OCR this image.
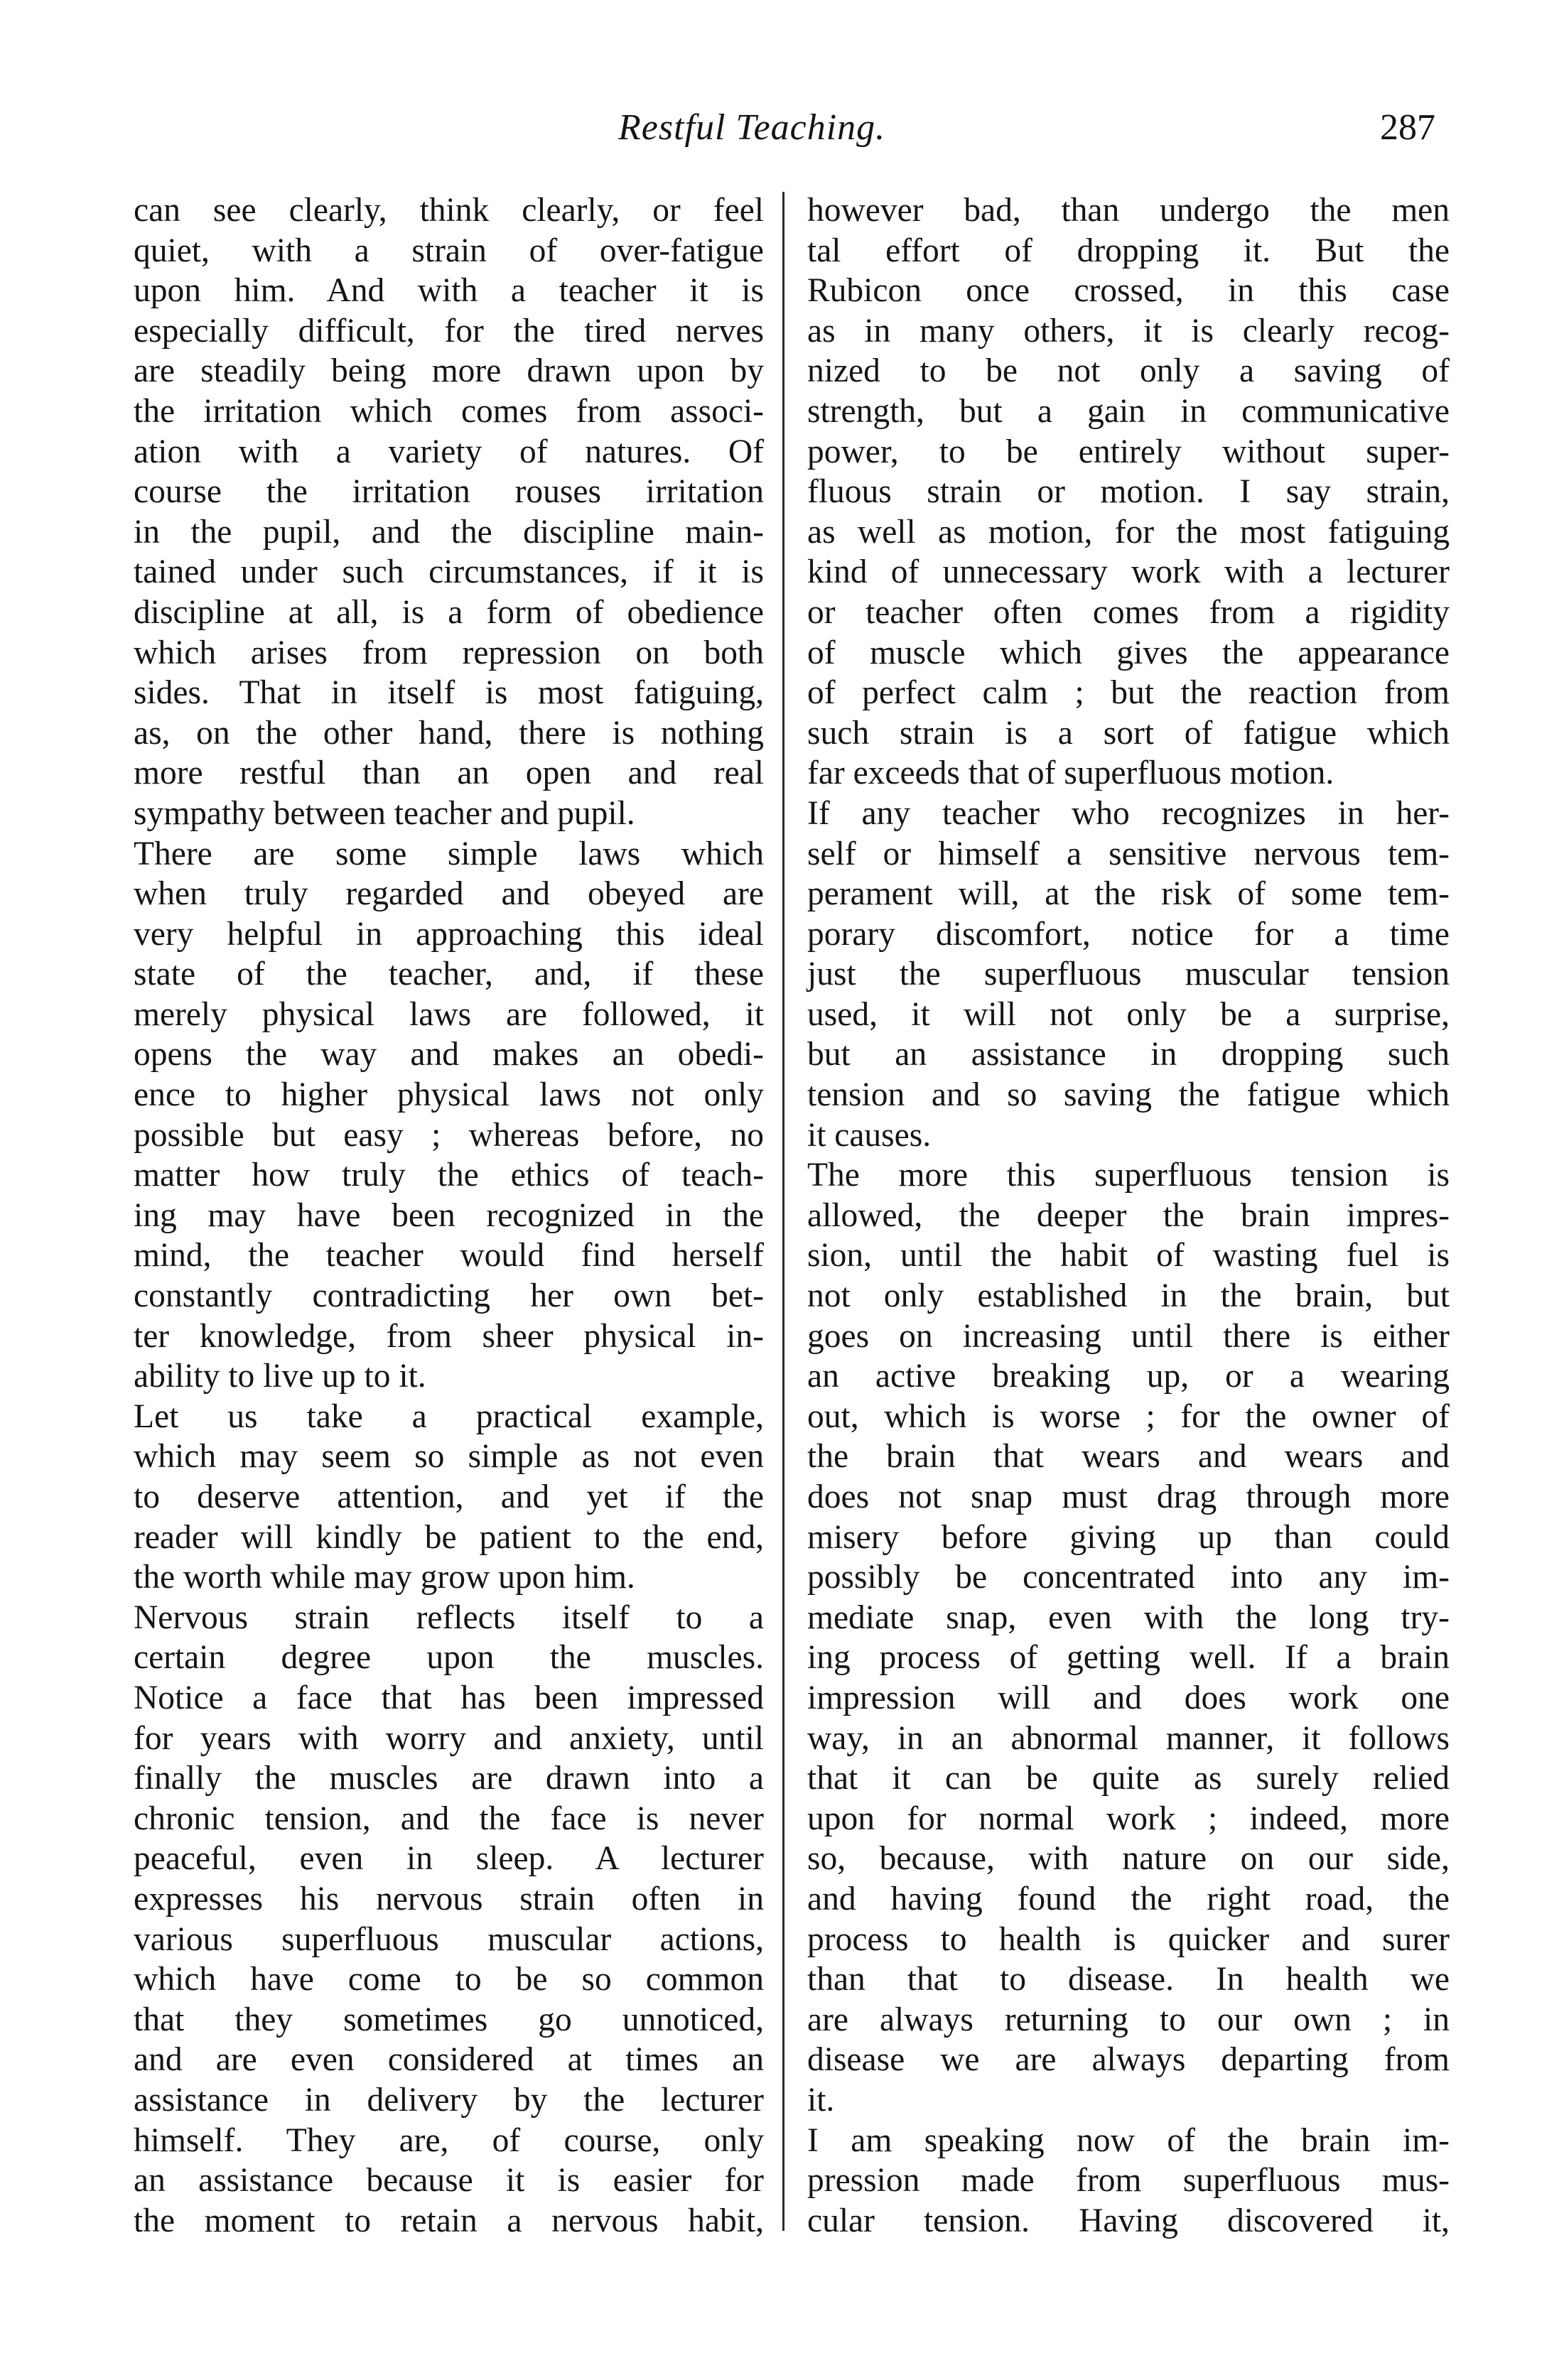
Restful Teaching.	287
can see clearly, think clearly, or feel
quiet, with a strain of over-fatigue
upon him. And with a teacher it is
especially difficult, for the tired nerves
are steadily being more drawn upon by
the irritation which comes from associ-
ation with a variety of natures. Of
course the irritation rouses irritation
in the pupil, and the discipline main-
tained under such circumstances, if it is
discipline at all, is a form of obedience
which arises from repression on both
sides. That in itself is most fatiguing,
as, on the other hand, there is nothing
more restful than an open and real
sympathy between teacher and pupil.
There are some simple laws which
when truly regarded and obeyed are
very helpful in approaching this ideal
state of the teacher, and, if these
merely physical laws are followed, it
opens the way and makes an obedi-
ence to higher physical laws not only
possible but easy ; whereas before, no
matter how truly the ethics of teach-
ing may have been recognized in the
mind, the teacher would find herself
constantly contradicting her own bet-
ter knowledge, from sheer physical in-
ability to live up to it.
Let us take a practical example,
which may seem so simple as not even
to deserve attention, and yet if the
reader will kindly be patient to the end,
the worth while may grow upon him.
Nervous strain reflects itself to a
certain degree upon the muscles.
Notice a face that has been impressed
for years with worry and anxiety, until
finally the muscles are drawn into a
chronic tension, and the face is never
peaceful, even in sleep. A lecturer
expresses his nervous strain often in
various superfluous muscular actions,
which have come to be so common
that they sometimes go unnoticed,
and are even considered at times an
assistance in delivery by the lecturer
himself. They are, of course, only
an assistance because it is easier for
the moment to retain a nervous habit,
however bad, than undergo the men
tal effort of dropping it. But the
Rubicon once crossed, in this case
as in many others, it is clearly recog-
nized to be not only a saving of
strength, but a gain in communicative
power, to be entirely without super-
fluous strain or motion. I say strain,
as well as motion, for the most fatiguing
kind of unnecessary work with a lecturer
or teacher often comes from a rigidity
of muscle which gives the appearance
of perfect calm ; but the reaction from
such strain is a sort of fatigue which
far exceeds that of superfluous motion.
If any teacher who recognizes in her-
self or himself a sensitive nervous tem-
perament will, at the risk of some tem-
porary discomfort, notice for a time
just the superfluous muscular tension
used, it will not only be a surprise,
but an assistance in dropping such
tension and so saving the fatigue which
it causes.
The more this superfluous tension is
allowed, the deeper the brain impres-
sion, until the habit of wasting fuel is
not only established in the brain, but
goes on increasing until there is either
an active breaking up, or a wearing
out, which is worse ; for the owner of
the brain that wears and wears and
does not snap must drag through more
misery before giving up than could
possibly be concentrated into any im-
mediate snap, even with the long try-
ing process of getting well. If a brain
impression will and does work one
way, in an abnormal manner, it follows
that it can be quite as surely relied
upon for normal work ; indeed, more
so, because, with nature on our side,
and having found the right road, the
process to health is quicker and surer
than that to disease. In health we
are always returning to our own ; in
disease we are always departing from
it.
I am speaking now of the brain im-
pression made from superfluous mus-
cular tension. Having discovered it,
